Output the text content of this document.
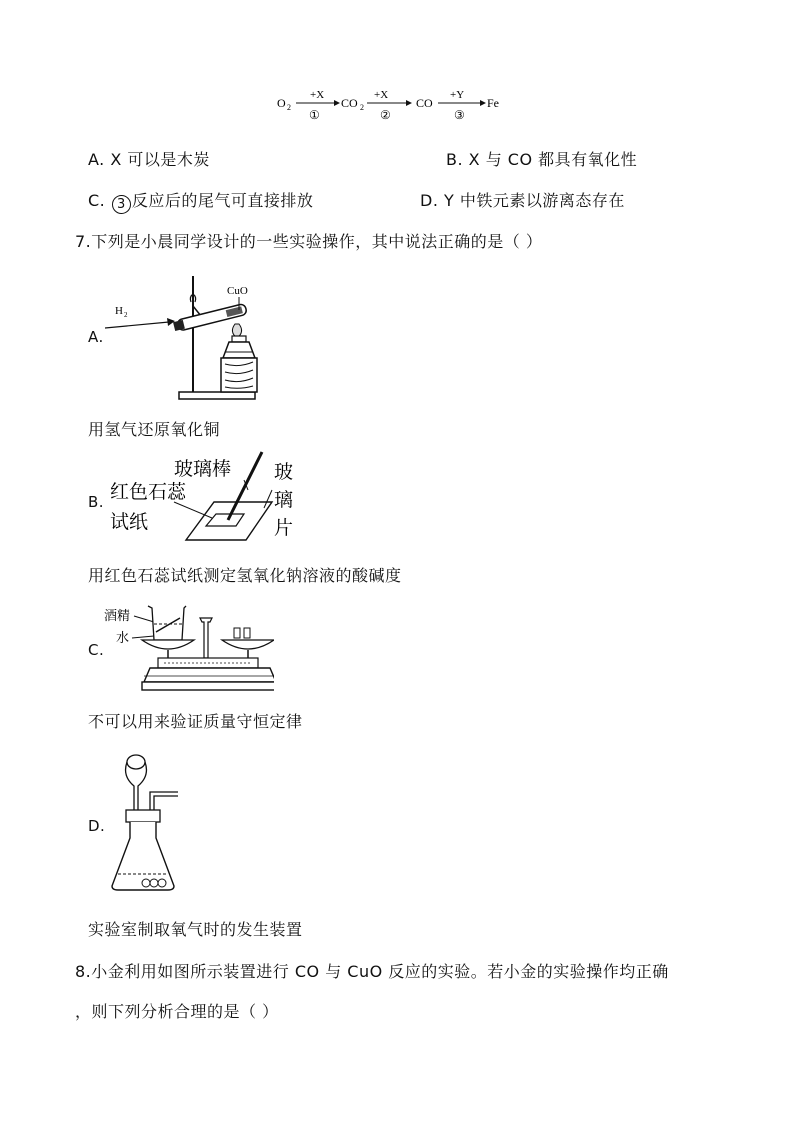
O 2
+X
①
CO 2
+X
②
CO
+Y
③
Fe
A. X 可以是木炭	B. X 与 CO 都具有氧化性
C. 3 反应后的尾气可直接排放	D. Y 中铁元素以游离态存在
7.下列是小晨同学设计的一些实验操作，其中说法正确的是（ ）
A.
H 2
CuO
用氢气还原氧化铜
B.
玻璃棒
红色石蕊
试纸
玻
璃
片
用红色石蕊试纸测定氢氧化钠溶液的酸碱度
C.
酒精
水
不可以用来验证质量守恒定律
D.
实验室制取氧气时的发生装置
8.小金利用如图所示装置进行 CO 与 CuO 反应的实验。若小金的实验操作均正确
，则下列分析合理的是（ ）
